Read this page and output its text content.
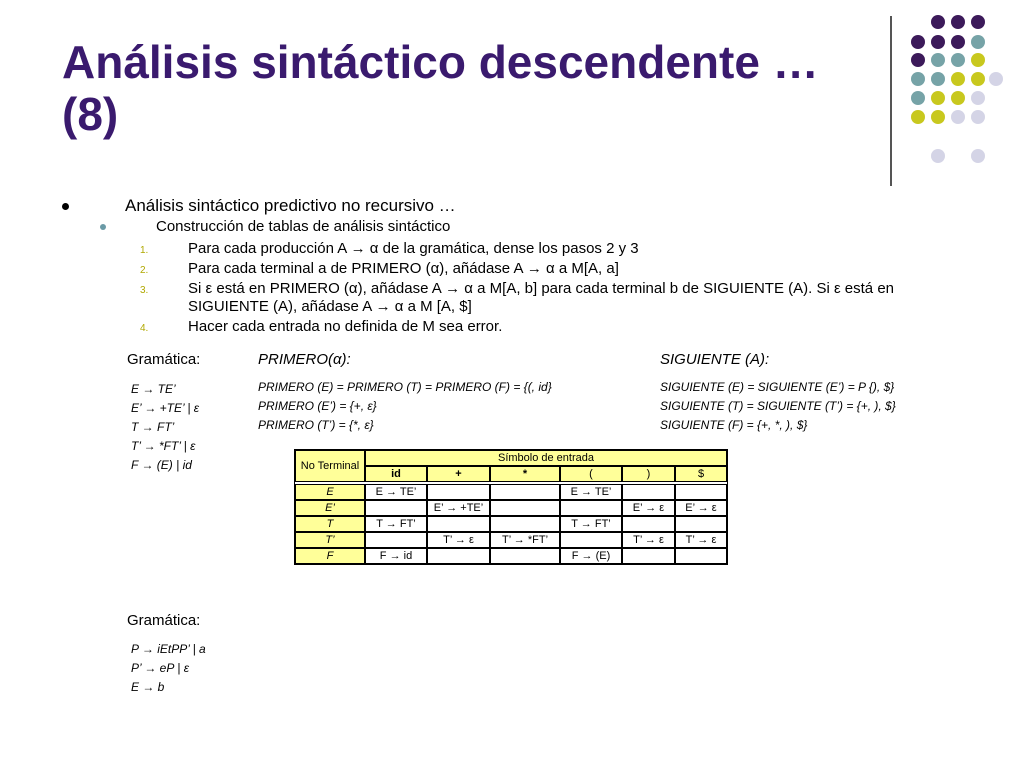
Análisis sintáctico descendente … (8)
Análisis sintáctico predictivo no recursivo …
Construcción de tablas de análisis sintáctico
1.	Para cada producción A → α de la gramática, dense los pasos 2 y 3
2.	Para cada terminal a de PRIMERO (α), añádase A → α a M[A, a]
3.	Si ε está en PRIMERO (α), añádase A → α a M[A, b] para cada terminal b de SIGUIENTE (A). Si ε está en SIGUIENTE (A), añádase A → α a M [A, $]
4.	Hacer cada entrada no definida de M sea error.
Gramática:	PRIMERO(α):	SIGUIENTE (A):
E → TE’
E’ → +TE’ | ε
T → FT’
T’ → *FT’ | ε
F → (E) | id
PRIMERO (E) = PRIMERO (T) = PRIMERO (F) = {(, id}
PRIMERO (E’) = {+, ε}
PRIMERO (T’) = {*, ε}
SIGUIENTE (E) = SIGUIENTE (E’) = P {), $}
SIGUIENTE (T) = SIGUIENTE (T’) = {+, ), $}
SIGUIENTE (F) = {+, *, ), $}
No Terminal	Símbolo de entrada					
	id	+	*	(	)	$

E	E → TE’			E → TE’		
E’		E’ → +TE’			E’ → ε	E’ → ε
T	T → FT’			T → FT’		
T’		T’ → ε	T’ → *FT’		T’ → ε	T’ → ε
F	F → id			F → (E)		
Gramática:
P → iEtPP’ | a
P’ → eP | ε
E → b
